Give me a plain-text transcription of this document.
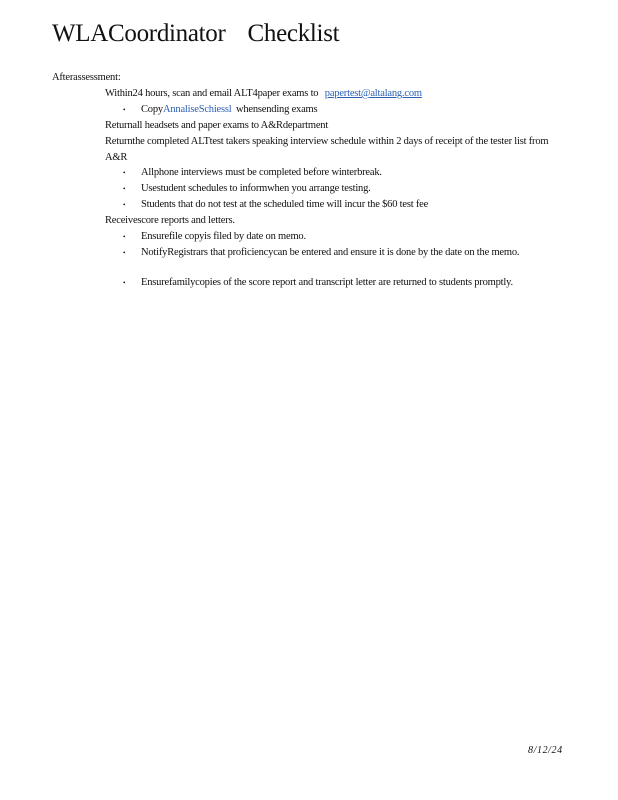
WLACoordinator Checklist
Afterassessment:
Within24 hours, scan and email ALT4paper exams to papertest@altalang.com
• CopyAnnaliseSchiessl whensending exams
Returnall headsets and paper exams to A&Rdepartment
Returnthe completed ALTtest takers speaking interview schedule within 2 days of receipt of the tester list from A&R
• Allphone interviews must be completed before winterbreak.
• Usestudent schedules to informwhen you arrange testing.
• Students that do not test at the scheduled time will incur the $60 test fee
Receivescore reports and letters.
• Ensurefile copyis filed by date on memo.
• NotifyRegistrars that proficiencycan be entered and ensure it is done by the date on the memo.
• Ensurefamilycopies of the score report and transcript letter are returned to students promptly.
8/12/24
